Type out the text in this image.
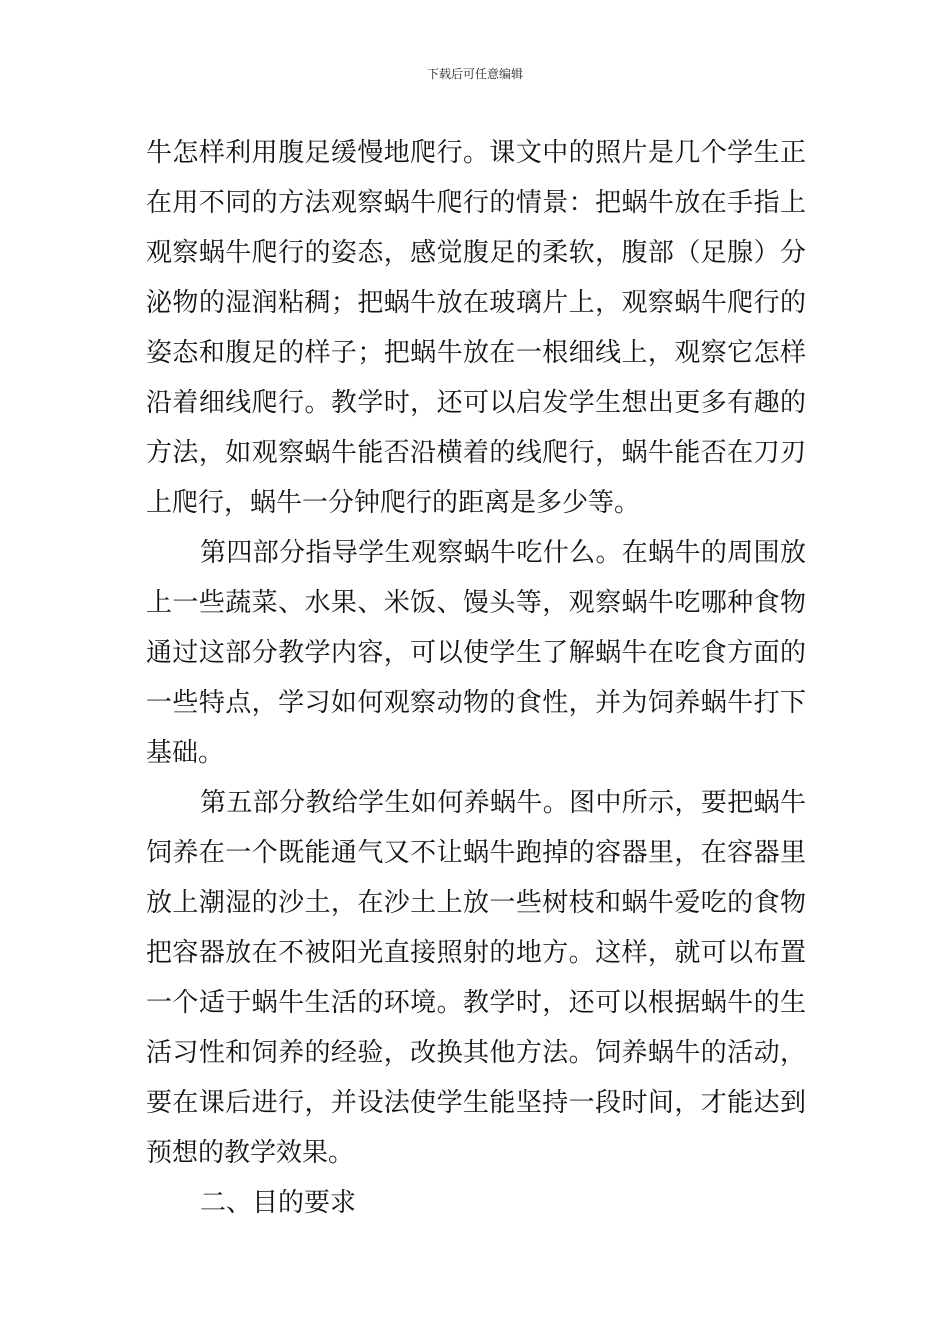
下载后可任意编辑
牛怎样利用腹足缓慢地爬行。课文中的照片是几个学生正
在用不同的方法观察蜗牛爬行的情景：把蜗牛放在手指上
观察蜗牛爬行的姿态，感觉腹足的柔软，腹部（足腺）分
泌物的湿润粘稠；把蜗牛放在玻璃片上，观察蜗牛爬行的
姿态和腹足的样子；把蜗牛放在一根细线上，观察它怎样
沿着细线爬行。教学时，还可以启发学生想出更多有趣的
方法，如观察蜗牛能否沿横着的线爬行，蜗牛能否在刀刃
上爬行，蜗牛一分钟爬行的距离是多少等。
第四部分指导学生观察蜗牛吃什么。在蜗牛的周围放
上一些蔬菜、水果、米饭、馒头等，观察蜗牛吃哪种食物
通过这部分教学内容，可以使学生了解蜗牛在吃食方面的
一些特点，学习如何观察动物的食性，并为饲养蜗牛打下
基础。
第五部分教给学生如何养蜗牛。图中所示，要把蜗牛
饲养在一个既能通气又不让蜗牛跑掉的容器里，在容器里
放上潮湿的沙土，在沙土上放一些树枝和蜗牛爱吃的食物
把容器放在不被阳光直接照射的地方。这样，就可以布置
一个适于蜗牛生活的环境。教学时，还可以根据蜗牛的生
活习性和饲养的经验，改换其他方法。饲养蜗牛的活动，
要在课后进行，并设法使学生能坚持一段时间，才能达到
预想的教学效果。
二、目的要求
